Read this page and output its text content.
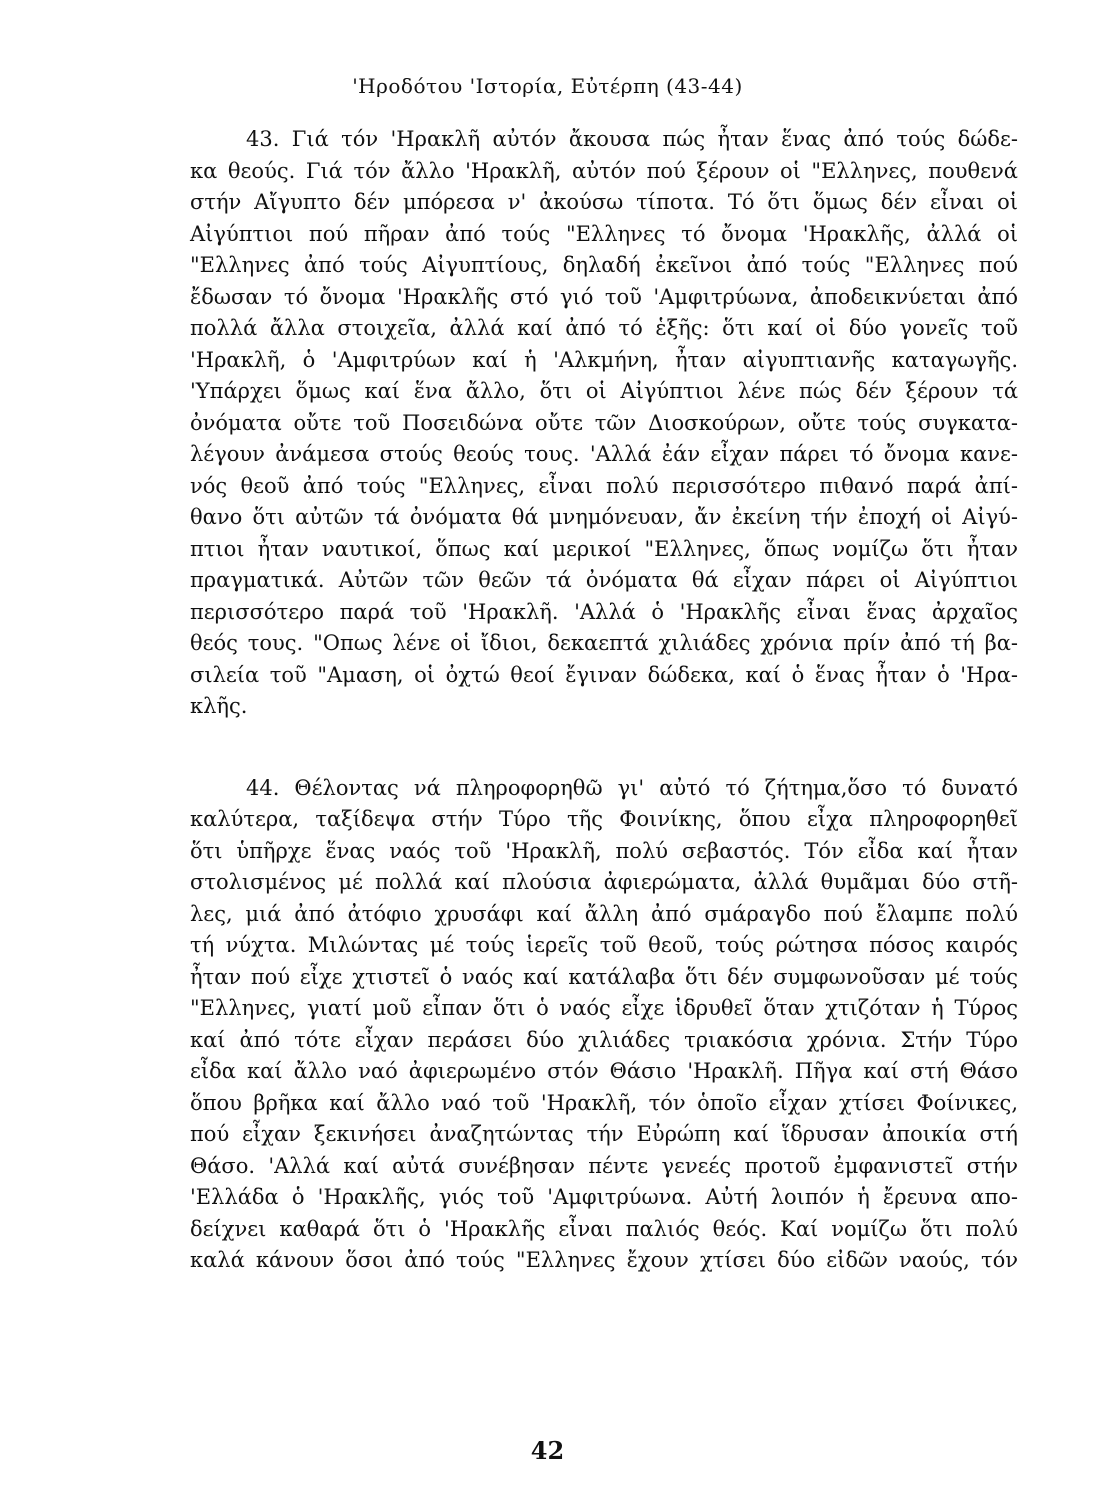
'Ηροδότου 'Ιστορία, Εὐτέρπη (43-44)
43. Γιά τόν 'Ηρακλῆ αὐτόν ἄκουσα πώς ἦταν ἕνας ἀπό τούς δώδε-
κα θεούς. Γιά τόν ἄλλο 'Ηρακλῆ, αὐτόν πού ξέρουν οἱ "Ελληνες, πουθενά
στήν Αἴγυπτο δέν μπόρεσα ν' ἀκούσω τίποτα. Τό ὅτι ὅμως δέν εἶναι οἱ
Αἰγύπτιοι πού πῆραν ἀπό τούς "Ελληνες τό ὄνομα 'Ηρακλῆς, ἀλλά οἱ
"Ελληνες ἀπό τούς Αἰγυπτίους, δηλαδή ἐκεῖνοι ἀπό τούς "Ελληνες πού
ἔδωσαν τό ὄνομα 'Ηρακλῆς στό γιό τοῦ 'Αμφιτρύωνα, ἀποδεικνύεται ἀπό
πολλά ἄλλα στοιχεῖα, ἀλλά καί ἀπό τό ἑξῆς: ὅτι καί οἱ δύο γονεῖς τοῦ
'Ηρακλῆ, ὁ 'Αμφιτρύων καί ἡ 'Αλκμήνη, ἦταν αἰγυπτιανῆς καταγωγῆς.
'Υπάρχει ὅμως καί ἕνα ἄλλο, ὅτι οἱ Αἰγύπτιοι λένε πώς δέν ξέρουν τά
ὀνόματα οὔτε τοῦ Ποσειδώνα οὔτε τῶν Διοσκούρων, οὔτε τούς συγκατα-
λέγουν ἀνάμεσα στούς θεούς τους. 'Αλλά ἐάν εἶχαν πάρει τό ὄνομα κανε-
νός θεοῦ ἀπό τούς "Ελληνες, εἶναι πολύ περισσότερο πιθανό παρά ἀπί-
θανο ὅτι αὐτῶν τά ὀνόματα θά μνημόνευαν, ἄν ἐκείνη τήν ἐποχή οἱ Αἰγύ-
πτιοι ἦταν ναυτικοί, ὅπως καί μερικοί "Ελληνες, ὅπως νομίζω ὅτι ἦταν
πραγματικά. Αὐτῶν τῶν θεῶν τά ὀνόματα θά εἶχαν πάρει οἱ Αἰγύπτιοι
περισσότερο παρά τοῦ 'Ηρακλῆ. 'Αλλά ὁ 'Ηρακλῆς εἶναι ἕνας ἀρχαῖος
θεός τους. "Οπως λένε οἱ ἴδιοι, δεκαεπτά χιλιάδες χρόνια πρίν ἀπό τή βα-
σιλεία τοῦ "Αμαση, οἱ ὀχτώ θεοί ἔγιναν δώδεκα, καί ὁ ἕνας ἦταν ὁ 'Ηρα-
κλῆς.
44. Θέλοντας νά πληροφορηθῶ γι' αὐτό τό ζήτημα,ὅσο τό δυνατό
καλύτερα, ταξίδεψα στήν Τύρο τῆς Φοινίκης, ὅπου εἶχα πληροφορηθεῖ
ὅτι ὑπῆρχε ἕνας ναός τοῦ 'Ηρακλῆ, πολύ σεβαστός. Τόν εἶδα καί ἦταν
στολισμένος μέ πολλά καί πλούσια ἀφιερώματα, ἀλλά θυμᾶμαι δύο στῆ-
λες, μιά ἀπό ἀτόφιο χρυσάφι καί ἄλλη ἀπό σμάραγδο πού ἔλαμπε πολύ
τή νύχτα. Μιλώντας μέ τούς ἱερεῖς τοῦ θεοῦ, τούς ρώτησα πόσος καιρός
ἦταν πού εἶχε χτιστεῖ ὁ ναός καί κατάλαβα ὅτι δέν συμφωνοῦσαν μέ τούς
"Ελληνες, γιατί μοῦ εἶπαν ὅτι ὁ ναός εἶχε ἱδρυθεῖ ὅταν χτιζόταν ἡ Τύρος
καί ἀπό τότε εἶχαν περάσει δύο χιλιάδες τριακόσια χρόνια. Στήν Τύρο
εἶδα καί ἄλλο ναό ἀφιερωμένο στόν Θάσιο 'Ηρακλῆ. Πῆγα καί στή Θάσο
ὅπου βρῆκα καί ἄλλο ναό τοῦ 'Ηρακλῆ, τόν ὁποῖο εἶχαν χτίσει Φοίνικες,
πού εἶχαν ξεκινήσει ἀναζητώντας τήν Εὐρώπη καί ἵδρυσαν ἀποικία στή
Θάσο. 'Αλλά καί αὐτά συνέβησαν πέντε γενεές προτοῦ ἐμφανιστεῖ στήν
'Ελλάδα ὁ 'Ηρακλῆς, γιός τοῦ 'Αμφιτρύωνα. Αὐτή λοιπόν ἡ ἔρευνα απο-
δείχνει καθαρά ὅτι ὁ 'Ηρακλῆς εἶναι παλιός θεός. Καί νομίζω ὅτι πολύ
καλά κάνουν ὅσοι ἀπό τούς "Ελληνες ἔχουν χτίσει δύο εἰδῶν ναούς, τόν
42
